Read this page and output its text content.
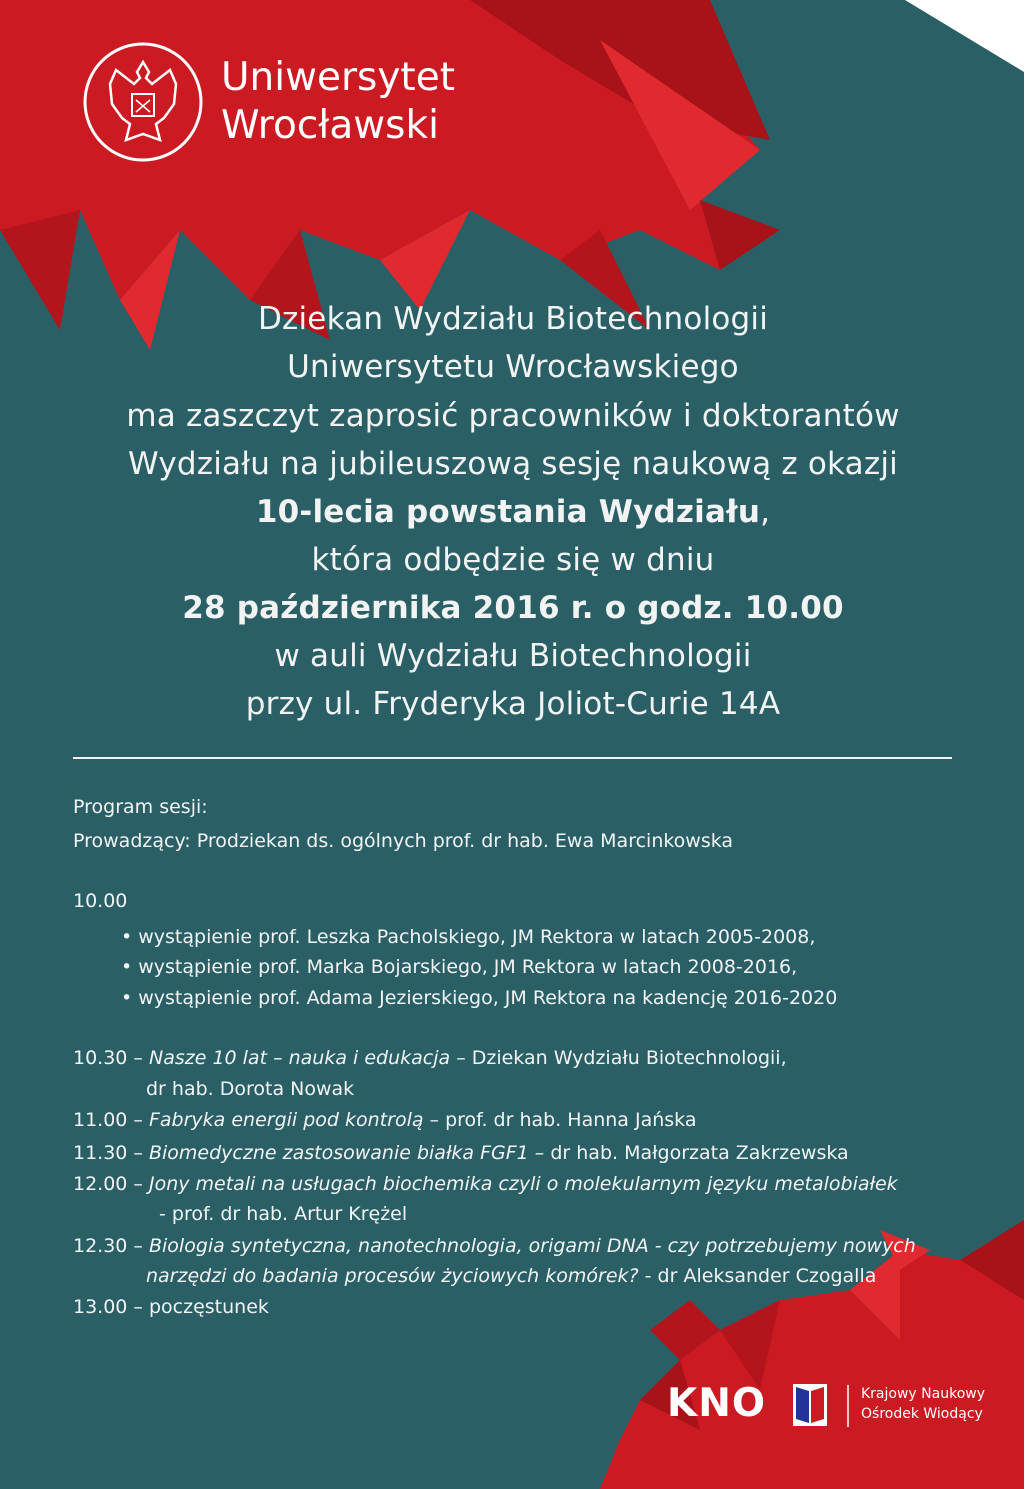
Uniwersytet
Wrocławski
Dziekan Wydziału Biotechnologii
Uniwersytetu Wrocławskiego
ma zaszczyt zaprosić pracowników i doktorantów
Wydziału na jubileuszową sesję naukową z okazji
10-lecia powstania Wydziału,
która odbędzie się w dniu
28 października 2016 r. o godz. 10.00
w auli Wydziału Biotechnologii
przy ul. Fryderyka Joliot-Curie 14A
Program sesji:
Prowadzący: Prodziekan ds. ogólnych prof. dr hab. Ewa Marcinkowska
10.00
• wystąpienie prof. Leszka Pacholskiego, JM Rektora w latach 2005-2008,
• wystąpienie prof. Marka Bojarskiego, JM Rektora w latach 2008-2016,
• wystąpienie prof. Adama Jezierskiego, JM Rektora na kadencję 2016-2020
10.30 – Nasze 10 lat – nauka i edukacja – Dziekan Wydziału Biotechnologii,
dr hab. Dorota Nowak
11.00 – Fabryka energii pod kontrolą – prof. dr hab. Hanna Jańska
11.30 – Biomedyczne zastosowanie białka FGF1 – dr hab. Małgorzata Zakrzewska
12.00 – Jony metali na usługach biochemika czyli o molekularnym języku metalobiałek
- prof. dr hab. Artur Krężel
12.30 – Biologia syntetyczna, nanotechnologia, origami DNA - czy potrzebujemy nowych
narzędzi do badania procesów życiowych komórek? - dr Aleksander Czogalla
13.00 – poczęstunek
KNO	Krajowy Naukowy
Ośrodek Wiodący
